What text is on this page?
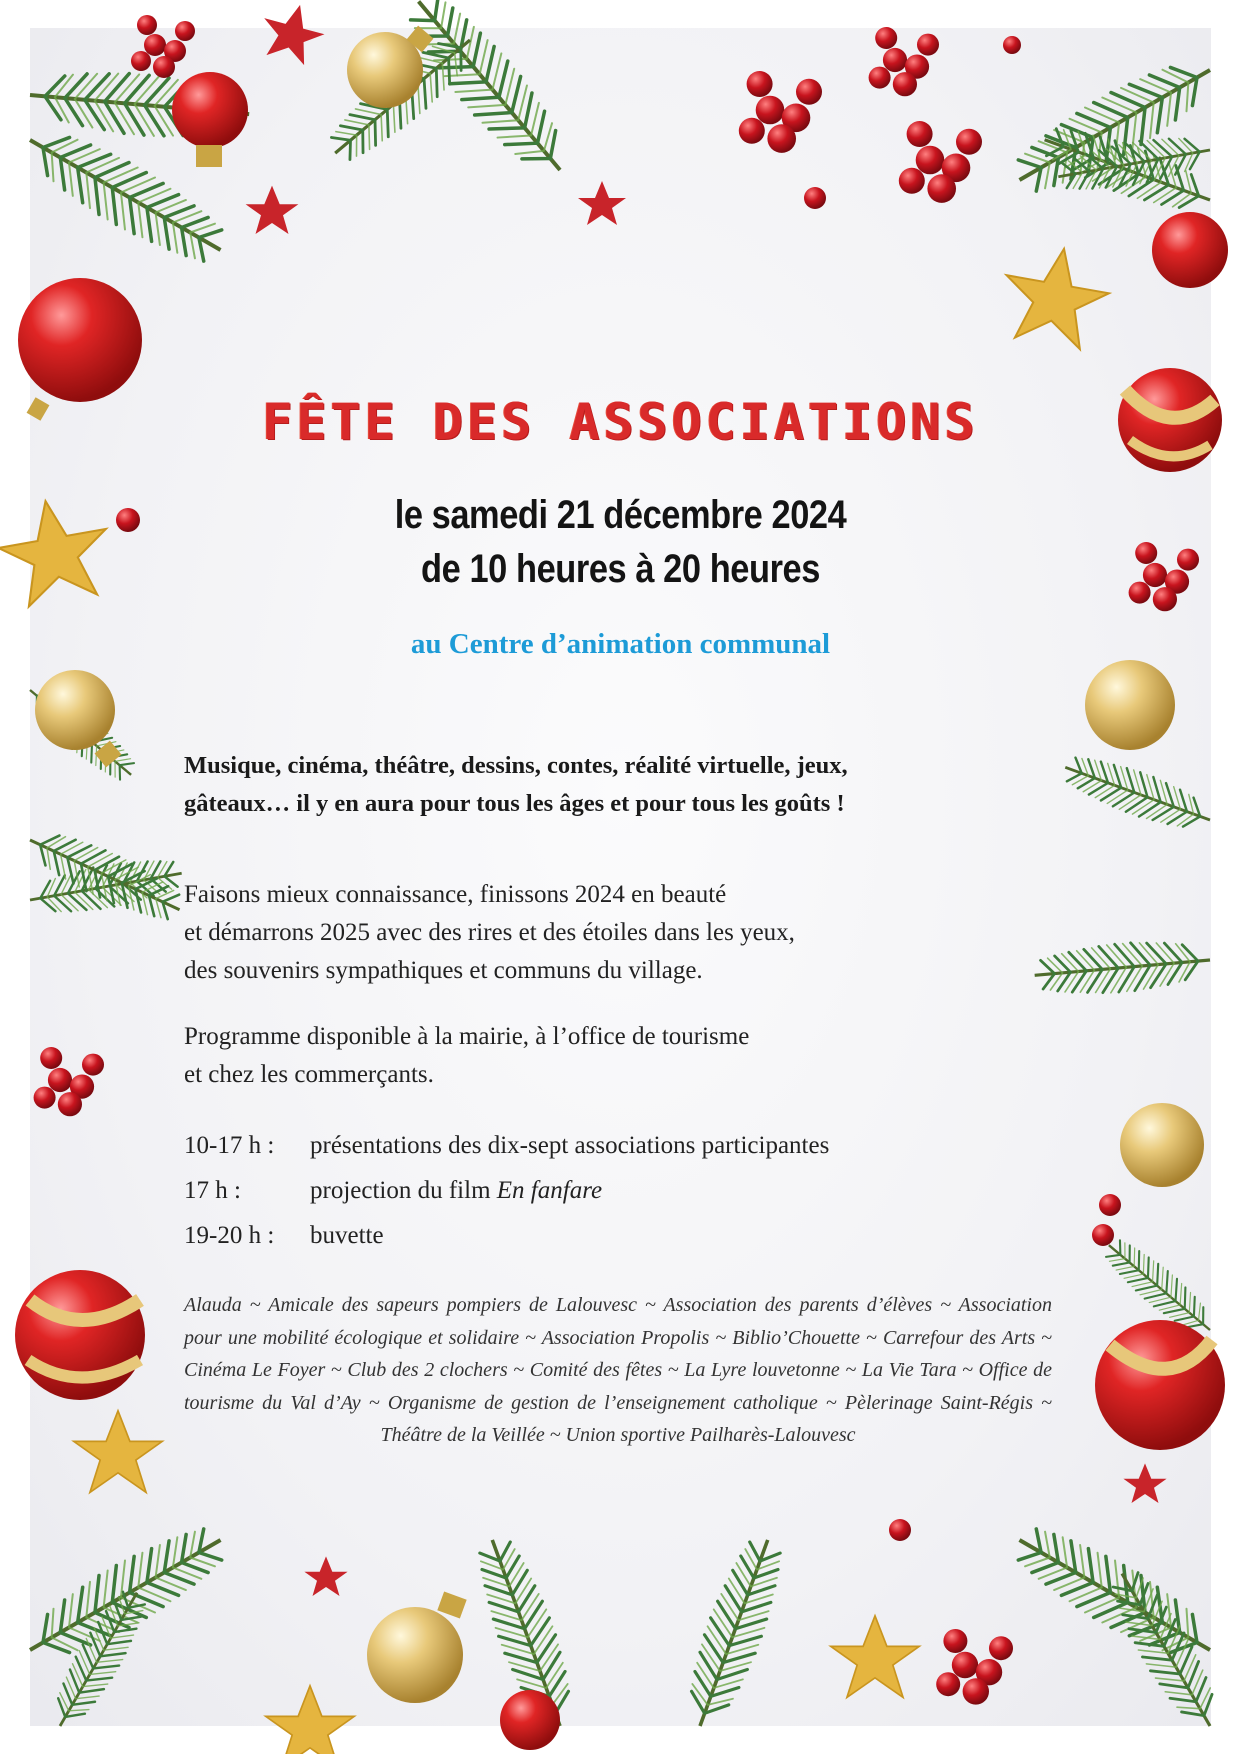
FÊTE DES ASSOCIATIONS
le samedi 21 décembre 2024
de 10 heures à 20 heures
au Centre d’animation communal
Musique, cinéma, théâtre, dessins, contes, réalité virtuelle, jeux,
gâteaux… il y en aura pour tous les âges et pour tous les goûts !

Faisons mieux connaissance, finissons 2024 en beauté

et démarrons 2025 avec des rires et des étoiles dans les yeux,

des souvenirs sympathiques et communs du village.

Programme disponible à la mairie, à l’office de tourisme

et chez les commerçants.

10-17 h :	présentations des dix-sept associations participantes
17 h :	projection du film En fanfare
19-20 h :	buvette
Alauda ~ Amicale des sapeurs pompiers de Lalouvesc ~ Association des parents d’élèves ~ Association pour une mobilité écologique et solidaire ~ Association Propolis ~ Biblio’Chouette ~ Carrefour des Arts ~ Cinéma Le Foyer ~ Club des 2 clochers ~ Comité des fêtes ~ La Lyre louvetonne ~ La Vie Tara ~ Office de tourisme du Val d’Ay ~ Organisme de gestion de l’enseignement catholique ~ Pèlerinage Saint-Régis ~ Théâtre de la Veillée ~ Union sportive Pailharès-Lalouvesc
